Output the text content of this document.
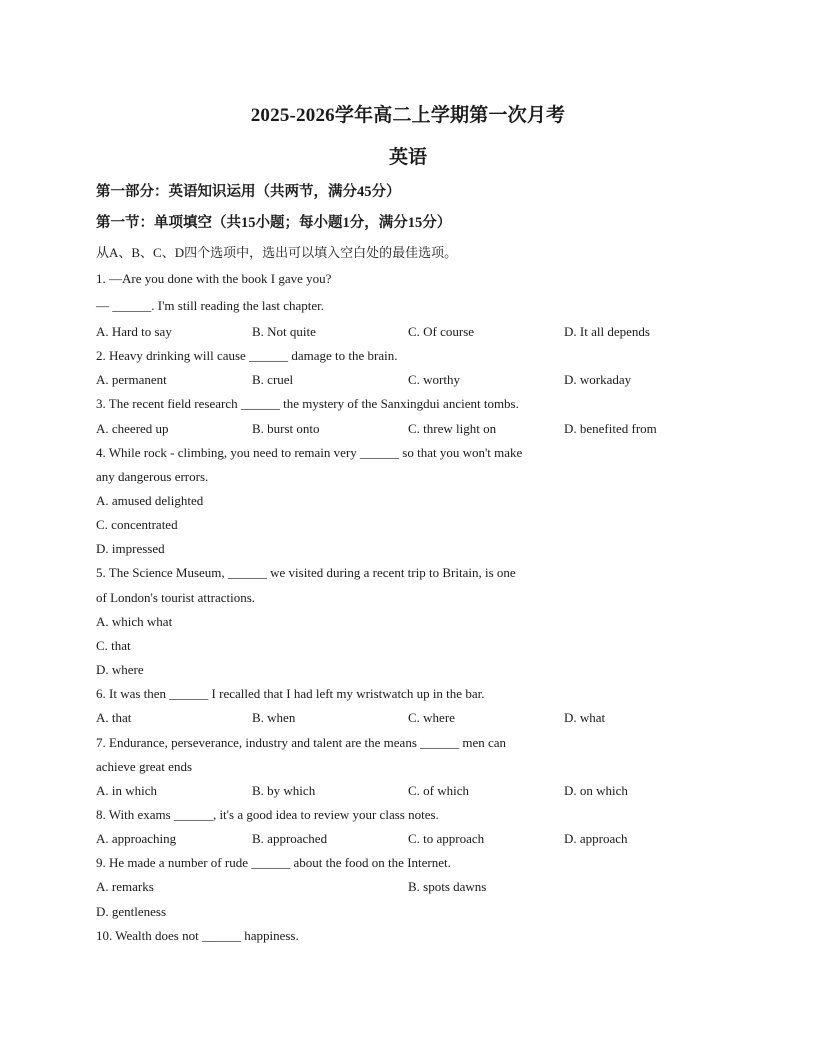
2025-2026学年高二上学期第一次月考
英语
第一部分：英语知识运用（共两节，满分45分）
第一节：单项填空（共15小题；每小题1分，满分15分）
从A、B、C、D四个选项中，选出可以填入空白处的最佳选项。
1. —Are you done with the book I gave you?
— ______. I'm still reading the last chapter.
A. Hard to say	B. Not quite	C. Of course	D. It all depends
2. Heavy drinking will cause ______ damage to the brain.
A. permanent	B. cruel	C. worthy	D. workaday
3. The recent field research ______ the mystery of the Sanxingdui ancient tombs.
A. cheered up	B. burst onto	C. threw light on	D. benefited from
4. While rock - climbing, you need to remain very ______ so that you won't make
any dangerous errors.
A. amused delighted
C. concentrated
D. impressed
5. The Science Museum, ______ we visited during a recent trip to Britain, is one
of London's tourist attractions.
A. which what
C. that
D. where
6. It was then ______ I recalled that I had left my wristwatch up in the bar.
A. that	B. when	C. where	D. what
7. Endurance, perseverance, industry and talent are the means ______ men can
achieve great ends
A. in which	B. by which	C. of which	D. on which
8. With exams ______, it's a good idea to review your class notes.
A. approaching	B. approached	C. to approach	D. approach
9. He made a number of rude ______ about the food on the Internet.
A. remarks	B. spots dawns
D. gentleness
10. Wealth does not ______ happiness.
